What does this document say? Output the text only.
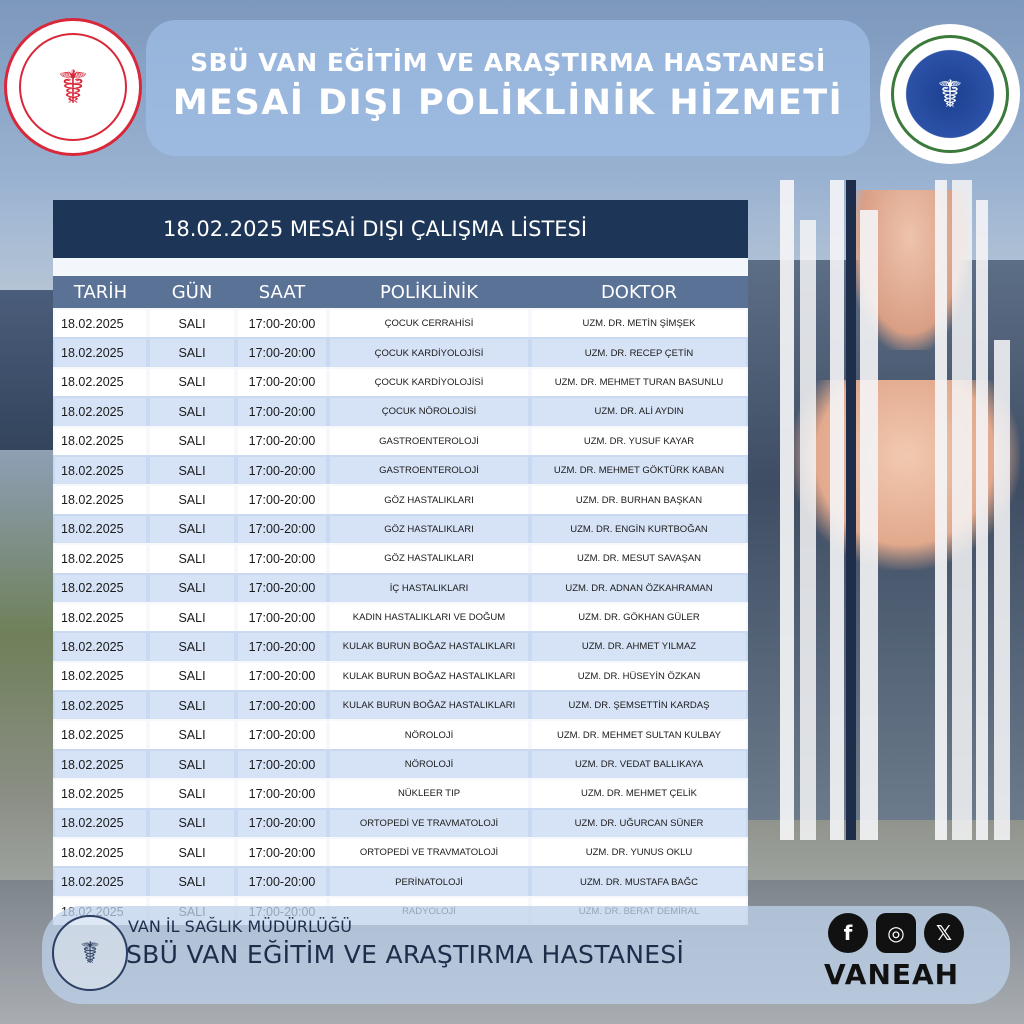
☤	☤
SBÜ VAN EĞİTİM VE ARAŞTIRMA HASTANESİ
MESAİ DIŞI POLİKLİNİK HİZMETİ
18.02.2025 MESAİ DIŞI ÇALIŞMA LİSTESİ
TARİH	GÜN	SAAT	POLİKLİNİK	DOKTOR
18.02.2025	SALI	17:00-20:00	ÇOCUK CERRAHİSİ	UZM. DR. METİN ŞİMŞEK
18.02.2025	SALI	17:00-20:00	ÇOCUK KARDİYOLOJİSİ	UZM. DR. RECEP ÇETİN
18.02.2025	SALI	17:00-20:00	ÇOCUK KARDİYOLOJİSİ	UZM. DR. MEHMET TURAN BASUNLU
18.02.2025	SALI	17:00-20:00	ÇOCUK NÖROLOJİSİ	UZM. DR. ALİ AYDIN
18.02.2025	SALI	17:00-20:00	GASTROENTEROLOJİ	UZM. DR. YUSUF KAYAR
18.02.2025	SALI	17:00-20:00	GASTROENTEROLOJİ	UZM. DR. MEHMET GÖKTÜRK KABAN
18.02.2025	SALI	17:00-20:00	GÖZ HASTALIKLARI	UZM. DR. BURHAN BAŞKAN
18.02.2025	SALI	17:00-20:00	GÖZ HASTALIKLARI	UZM. DR. ENGİN KURTBOĞAN
18.02.2025	SALI	17:00-20:00	GÖZ HASTALIKLARI	UZM. DR. MESUT SAVAŞAN
18.02.2025	SALI	17:00-20:00	İÇ HASTALIKLARI	UZM. DR. ADNAN ÖZKAHRAMAN
18.02.2025	SALI	17:00-20:00	KADIN HASTALIKLARI VE DOĞUM	UZM. DR. GÖKHAN GÜLER
18.02.2025	SALI	17:00-20:00	KULAK BURUN BOĞAZ HASTALIKLARI	UZM. DR. AHMET YILMAZ
18.02.2025	SALI	17:00-20:00	KULAK BURUN BOĞAZ HASTALIKLARI	UZM. DR. HÜSEYİN ÖZKAN
18.02.2025	SALI	17:00-20:00	KULAK BURUN BOĞAZ HASTALIKLARI	UZM. DR. ŞEMSETTİN KARDAŞ
18.02.2025	SALI	17:00-20:00	NÖROLOJİ	UZM. DR. MEHMET SULTAN KULBAY
18.02.2025	SALI	17:00-20:00	NÖROLOJİ	UZM. DR. VEDAT BALLIKAYA
18.02.2025	SALI	17:00-20:00	NÜKLEER TIP	UZM. DR. MEHMET ÇELİK
18.02.2025	SALI	17:00-20:00	ORTOPEDİ VE TRAVMATOLOJİ	UZM. DR. UĞURCAN SÜNER
18.02.2025	SALI	17:00-20:00	ORTOPEDİ VE TRAVMATOLOJİ	UZM. DR. YUNUS OKLU
18.02.2025	SALI	17:00-20:00	PERİNATOLOJİ	UZM. DR. MUSTAFA BAĞC
☤
VAN İL SAĞLIK MÜDÜRLÜĞÜ
SBÜ VAN EĞİTİM VE ARAŞTIRMA HASTANESİ
f	◎	𝕏
VANEAH
